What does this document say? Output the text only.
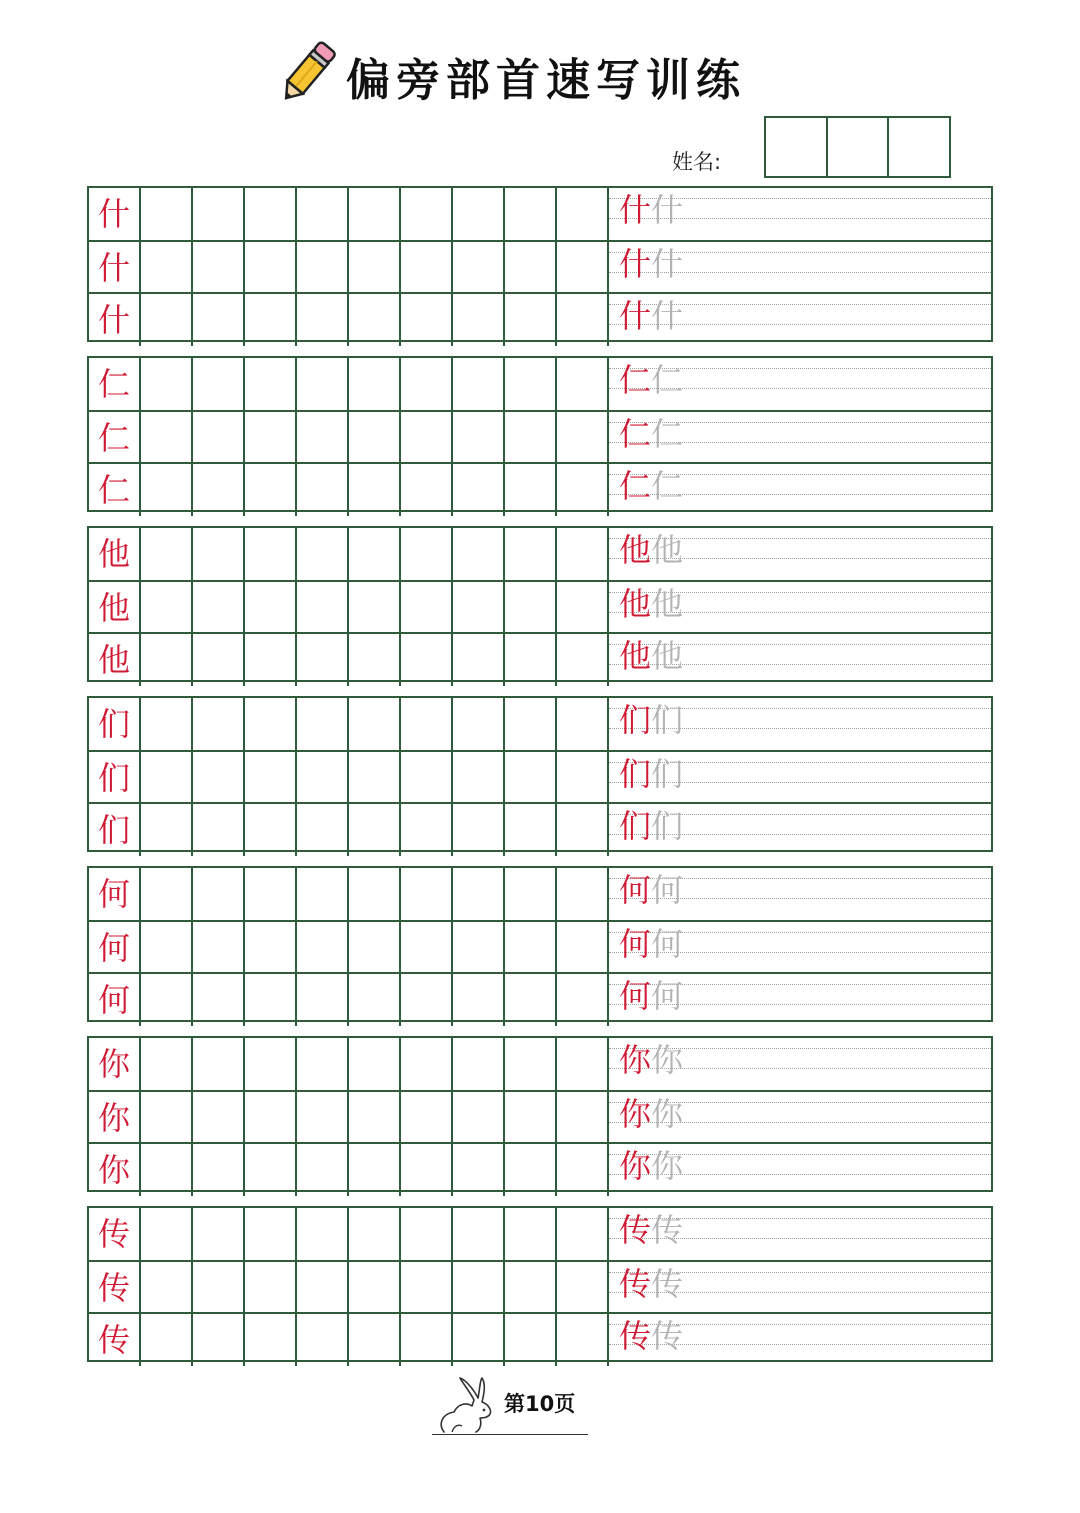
偏旁部首速写训练
姓名:
什	什什
什	什什
什	什什
仁	仁仁
仁	仁仁
仁	仁仁
他	他他
他	他他
他	他他
们	们们
们	们们
们	们们
何	何何
何	何何
何	何何
你	你你
你	你你
你	你你
传	传传
传	传传
传	传传
第10页
